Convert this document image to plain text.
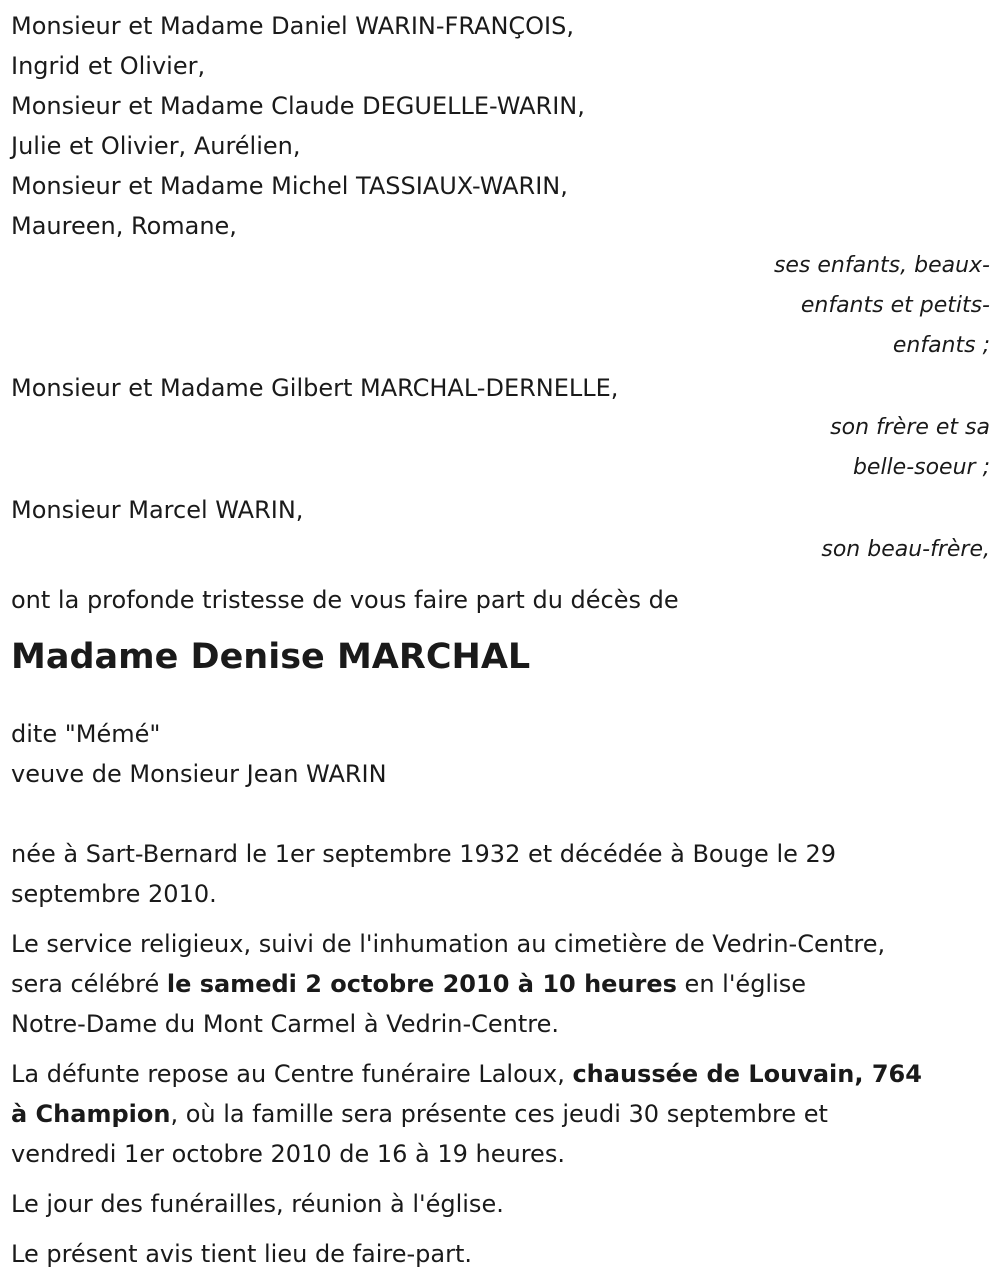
Monsieur et Madame Daniel WARIN-FRANÇOIS,
Ingrid et Olivier,
Monsieur et Madame Claude DEGUELLE-WARIN,
Julie et Olivier, Aurélien,
Monsieur et Madame Michel TASSIAUX-WARIN,
Maureen, Romane,
ses enfants, beaux-
enfants et petits-
enfants ;
Monsieur et Madame Gilbert MARCHAL-DERNELLE,
son frère et sa
belle-soeur ;
Monsieur Marcel WARIN,
son beau-frère,
ont la profonde tristesse de vous faire part du décès de
Madame Denise MARCHAL
dite "Mémé"
veuve de Monsieur Jean WARIN
née à Sart-Bernard le 1er septembre 1932 et décédée à Bouge le 29
septembre 2010.
Le service religieux, suivi de l'inhumation au cimetière de Vedrin-Centre,
sera célébré le samedi 2 octobre 2010 à 10 heures en l'église
Notre-Dame du Mont Carmel à Vedrin-Centre.
La défunte repose au Centre funéraire Laloux, chaussée de Louvain, 764
à Champion, où la famille sera présente ces jeudi 30 septembre et
vendredi 1er octobre 2010 de 16 à 19 heures.
Le jour des funérailles, réunion à l'église.
Le présent avis tient lieu de faire-part.
